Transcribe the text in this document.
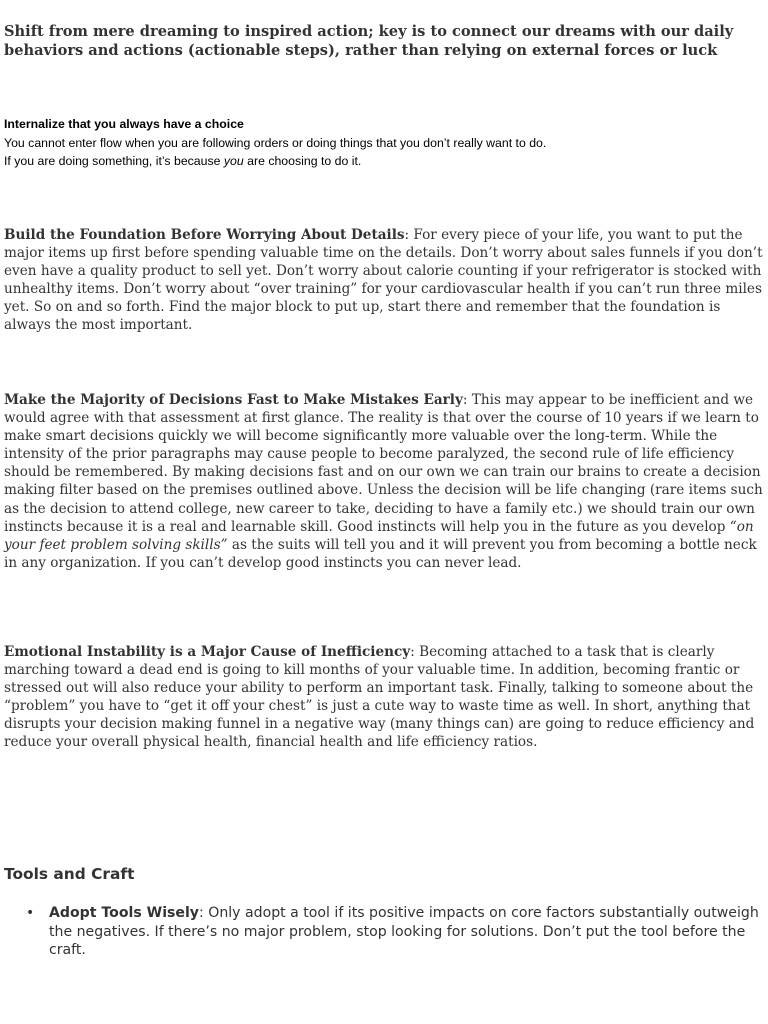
Shift from mere dreaming to inspired action; key is to connect our dreams with our daily
behaviors and actions (actionable steps), rather than relying on external forces or luck
Internalize that you always have a choice
You cannot enter flow when you are following orders or doing things that you don’t really want to do.
If you are doing something, it’s because you are choosing to do it.
Build the Foundation Before Worrying About Details: For every piece of your life, you want to put the major items up first before spending valuable time on the details. Don’t worry about sales funnels if you don’t even have a quality product to sell yet. Don’t worry about calorie counting if your refrigerator is stocked with unhealthy items. Don’t worry about “over training” for your cardiovascular health if you can’t run three miles yet. So on and so forth. Find the major block to put up, start there and remember that the foundation is always the most important.
Make the Majority of Decisions Fast to Make Mistakes Early: This may appear to be inefficient and we would agree with that assessment at first glance. The reality is that over the course of 10 years if we learn to make smart decisions quickly we will become significantly more valuable over the long-term. While the intensity of the prior paragraphs may cause people to become paralyzed, the second rule of life efficiency should be remembered. By making decisions fast and on our own we can train our brains to create a decision making filter based on the premises outlined above. Unless the decision will be life changing (rare items such as the decision to attend college, new career to take, deciding to have a family etc.) we should train our own instincts because it is a real and learnable skill. Good instincts will help you in the future as you develop “on your feet problem solving skills” as the suits will tell you and it will prevent you from becoming a bottle neck in any organization. If you can’t develop good instincts you can never lead.
Emotional Instability is a Major Cause of Inefficiency: Becoming attached to a task that is clearly marching toward a dead end is going to kill months of your valuable time. In addition, becoming frantic or stressed out will also reduce your ability to perform an important task. Finally, talking to someone about the “problem” you have to “get it off your chest” is just a cute way to waste time as well. In short, anything that disrupts your decision making funnel in a negative way (many things can) are going to reduce efficiency and reduce your overall physical health, financial health and life efficiency ratios.
Tools and Craft
• Adopt Tools Wisely: Only adopt a tool if its positive impacts on core factors substantially outweigh the negatives. If there’s no major problem, stop looking for solutions. Don’t put the tool before the craft.
